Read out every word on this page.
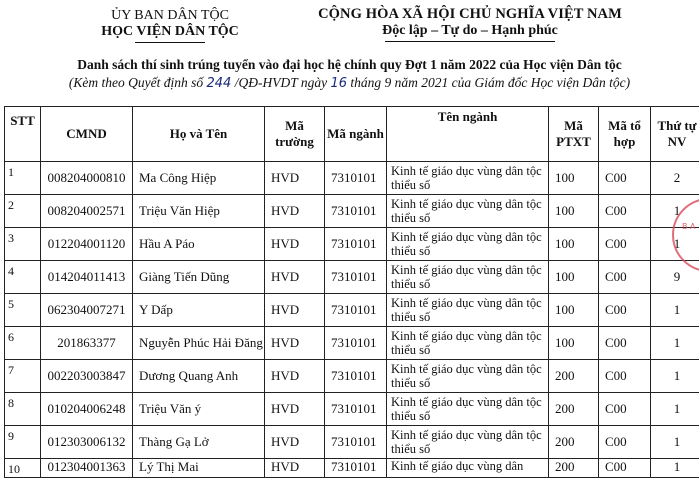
ỦY BAN DÂN TỘC
HỌC VIỆN DÂN TỘC
CỘNG HÒA XÃ HỘI CHỦ NGHĨA VIỆT NAM
Độc lập – Tự do – Hạnh phúc
Danh sách thí sinh trúng tuyển vào đại học hệ chính quy Đợt 1 năm 2022 của Học viện Dân tộc
(Kèm theo Quyết định số 244 /QĐ-HVDT ngày 16 tháng 9 năm 2021 của Giám đốc Học viện Dân tộc)
STT	CMND	Họ và Tên	Mã trường	Mã ngành	Tên ngành	Mã PTXT	Mã tổ hợp	Thứ tự NV
1	008204000810	Ma Công Hiệp	HVD	7310101	Kinh tế giáo dục vùng dân tộc thiểu số	100	C00	2
2	008204002571	Triệu Văn Hiệp	HVD	7310101	Kinh tế giáo dục vùng dân tộc thiểu số	100	C00	1
3	012204001120	Hầu A Páo	HVD	7310101	Kinh tế giáo dục vùng dân tộc thiểu số	100	C00	1
4	014204011413	Giàng Tiến Dũng	HVD	7310101	Kinh tế giáo dục vùng dân tộc thiểu số	100	C00	9
5	062304007271	Y Dấp	HVD	7310101	Kinh tế giáo dục vùng dân tộc thiểu số	100	C00	1
6	201863377	Nguyễn Phúc Hải Đăng	HVD	7310101	Kinh tế giáo dục vùng dân tộc thiểu số	100	C00	1
7	002203003847	Dương Quang Anh	HVD	7310101	Kinh tế giáo dục vùng dân tộc thiểu số	200	C00	1
8	010204006248	Triệu Văn ý	HVD	7310101	Kinh tế giáo dục vùng dân tộc thiểu số	200	C00	1
9	012303006132	Thàng Gạ Lở	HVD	7310101	Kinh tế giáo dục vùng dân tộc thiểu số	200	C00	1
10	012304001363	Lý Thị Mai	HVD	7310101	Kinh tế giáo dục vùng dân	200	C00	1
B A
